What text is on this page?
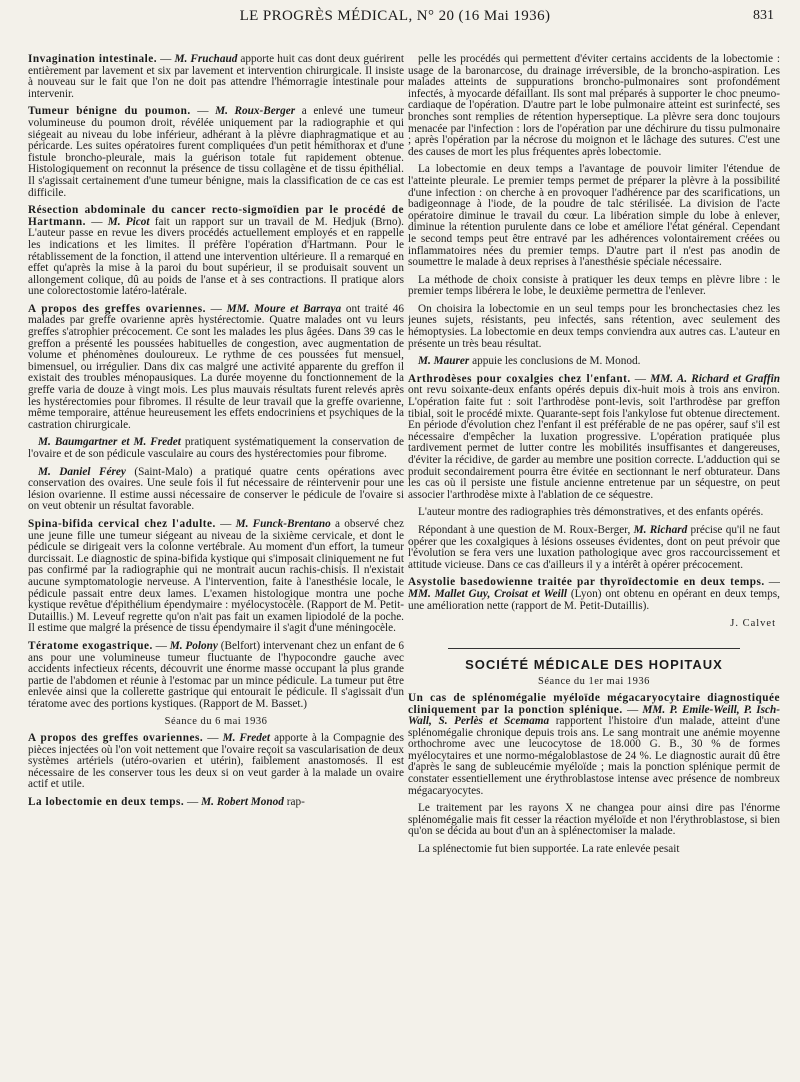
LE PROGRÈS MÉDICAL, N° 20 (16 Mai 1936)	831

Invagination intestinale. — M. Fruchaud apporte huit cas dont deux guérirent entièrement par lavement et six par lavement et intervention chirurgicale. Il insiste à nouveau sur le fait que l'on ne doit pas attendre l'hémorragie intestinale pour intervenir.

Tumeur bénigne du poumon. — M. Roux-Berger a enlevé une tumeur volumineuse du poumon droit, révélée uniquement par la radiographie et qui siégeait au niveau du lobe inférieur, adhérant à la plèvre diaphragmatique et au péricarde. Les suites opératoires furent compliquées d'un petit hémithorax et d'une fistule broncho-pleurale, mais la guérison totale fut rapidement obtenue. Histologiquement on reconnut la présence de tissu collagène et de tissu épithélial. Il s'agissait certainement d'une tumeur bénigne, mais la classification de ce cas est difficile.

Résection abdominale du cancer recto-sigmoïdien par le procédé de Hartmann. — M. Picot fait un rapport sur un travail de M. Hedjuk (Brno). L'auteur passe en revue les divers procédés actuellement employés et en rappelle les indications et les limites. Il préfère l'opération d'Hartmann. Pour le rétablissement de la fonction, il attend une intervention ultérieure. Il a remarqué en effet qu'après la mise à la paroi du bout supérieur, il se produisait souvent un allongement colique, dû au poids de l'anse et à ses contractions. Il pratique alors une colorectostomie latéro-latérale.

A propos des greffes ovariennes. — MM. Moure et Barraya ont traité 46 malades par greffe ovarienne après hystérectomie. Quatre malades ont vu leurs greffes s'atrophier précocement. Ce sont les malades les plus âgées. Dans 39 cas le greffon a présenté les poussées habituelles de congestion, avec augmentation de volume et phénomènes douloureux. Le rythme de ces poussées fut mensuel, bimensuel, ou irrégulier. Dans dix cas malgré une activité apparente du greffon il existait des troubles ménopausiques. La durée moyenne du fonctionnement de la greffe varia de douze à vingt mois. Les plus mauvais résultats furent relevés après les hystérectomies pour fibromes. Il résulte de leur travail que la greffe ovarienne, même temporaire, atténue heureusement les effets endocriniens et psychiques de la castration chirurgicale.

M. Baumgartner et M. Fredet pratiquent systématiquement la conservation de l'ovaire et de son pédicule vasculaire au cours des hystérectomies pour fibrome.

M. Daniel Férey (Saint-Malo) a pratiqué quatre cents opérations avec conservation des ovaires. Une seule fois il fut nécessaire de réintervenir pour une lésion ovarienne. Il estime aussi nécessaire de conserver le pédicule de l'ovaire si on veut obtenir un résultat favorable.

Spina-bifida cervical chez l'adulte. — M. Funck-Brentano a observé chez une jeune fille une tumeur siégeant au niveau de la sixième cervicale, et dont le pédicule se dirigeait vers la colonne vertébrale. Au moment d'un effort, la tumeur durcissait. Le diagnostic de spina-bifida kystique qui s'imposait cliniquement ne fut pas confirmé par la radiographie qui ne montrait aucun rachis-chisis. Il n'existait aucune symptomatologie nerveuse. A l'intervention, faite à l'anesthésie locale, le pédicule passait entre deux lames. L'examen histologique montra une poche kystique revêtue d'épithélium épendymaire : myélocystocèle. (Rapport de M. Petit-Dutaillis.) M. Leveuf regrette qu'on n'ait pas fait un examen lipiodolé de la poche. Il estime que malgré la présence de tissu épendymaire il s'agit d'une méningocèle.

Tératome exogastrique. — M. Polony (Belfort) intervenant chez un enfant de 6 ans pour une volumineuse tumeur fluctuante de l'hypocondre gauche avec accidents infectieux récents, découvrit une énorme masse occupant la plus grande partie de l'abdomen et réunie à l'estomac par un mince pédicule. La tumeur put être enlevée ainsi que la collerette gastrique qui entourait le pédicule. Il s'agissait d'un tératome avec des portions kystiques. (Rapport de M. Basset.)

Séance du 6 mai 1936

A propos des greffes ovariennes. — M. Fredet apporte à la Compagnie des pièces injectées où l'on voit nettement que l'ovaire reçoit sa vascularisation de deux systèmes artériels (utéro-ovarien et utérin), faiblement anastomosés. Il est nécessaire de les conserver tous les deux si on veut garder à la malade un ovaire actif et utile.

La lobectomie en deux temps. — M. Robert Monod rap-

pelle les procédés qui permettent d'éviter certains accidents de la lobectomie : usage de la baronarcose, du drainage irréversible, de la broncho-aspiration. Les malades atteints de suppurations broncho-pulmonaires sont profondément infectés, à myocarde défaillant. Ils sont mal préparés à supporter le choc pneumo-cardiaque de l'opération. D'autre part le lobe pulmonaire atteint est surinfecté, ses bronches sont remplies de rétention hyperseptique. La plèvre sera donc toujours menacée par l'infection : lors de l'opération par une déchirure du tissu pulmonaire ; après l'opération par la nécrose du moignon et le lâchage des sutures. C'est une des causes de mort les plus fréquentes après lobectomie.

La lobectomie en deux temps a l'avantage de pouvoir limiter l'étendue de l'atteinte pleurale. Le premier temps permet de préparer la plèvre à la possibilité d'une infection : on cherche à en provoquer l'adhérence par des scarifications, un badigeonnage à l'iode, de la poudre de talc stérilisée. La division de l'acte opératoire diminue le travail du cœur. La libération simple du lobe à enlever, diminue la rétention purulente dans ce lobe et améliore l'état général. Cependant le second temps peut être entravé par les adhérences volontairement créées ou inflammatoires nées du premier temps. D'autre part il n'est pas anodin de soumettre le malade à deux reprises à l'anesthésie spéciale nécessaire.

La méthode de choix consiste à pratiquer les deux temps en plèvre libre : le premier temps libérera le lobe, le deuxième permettra de l'enlever.

On choisira la lobectomie en un seul temps pour les bronchectasies chez les jeunes sujets, résistants, peu infectés, sans rétention, avec seulement des hémoptysies. La lobectomie en deux temps conviendra aux autres cas. L'auteur en présente un très beau résultat.

M. Maurer appuie les conclusions de M. Monod.

Arthrodèses pour coxalgies chez l'enfant. — MM. A. Richard et Graffin ont revu soixante-deux enfants opérés depuis dix-huit mois à trois ans environ. L'opération faite fut : soit l'arthrodèse pont-levis, soit l'arthrodèse par greffon tibial, soit le procédé mixte. Quarante-sept fois l'ankylose fut obtenue directement. En période d'évolution chez l'enfant il est préférable de ne pas opérer, sauf s'il est nécessaire d'empêcher la luxation progressive. L'opération pratiquée plus tardivement permet de lutter contre les mobilités insuffisantes et dangereuses, d'éviter la récidive, de garder au membre une position correcte. L'adduction qui se produit secondairement pourra être évitée en sectionnant le nerf obturateur. Dans les cas où il persiste une fistule ancienne entretenue par un séquestre, on peut associer l'arthrodèse mixte à l'ablation de ce séquestre.

L'auteur montre des radiographies très démonstratives, et des enfants opérés.

Répondant à une question de M. Roux-Berger, M. Richard précise qu'il ne faut opérer que les coxalgiques à lésions osseuses évidentes, dont on peut prévoir que l'évolution se fera vers une luxation pathologique avec gros raccourcissement et attitude vicieuse. Dans ce cas d'ailleurs il y a intérêt à opérer précocement.

Asystolie basedowienne traitée par thyroïdectomie en deux temps. — MM. Mallet Guy, Croisat et Weill (Lyon) ont obtenu en opérant en deux temps, une amélioration nette (rapport de M. Petit-Dutaillis).

J. Calvet

SOCIÉTÉ MÉDICALE DES HOPITAUX
Séance du 1er mai 1936

Un cas de splénomégalie myéloïde mégacaryocytaire diagnostiquée cliniquement par la ponction splénique. — MM. P. Emile-Weill, P. Isch-Wall, S. Perlès et Scemama rapportent l'histoire d'un malade, atteint d'une splénomégalie chronique depuis trois ans. Le sang montrait une anémie moyenne orthochrome avec une leucocytose de 18.000 G. B., 30 % de formes myélocytaires et une normo-mégaloblastose de 24 %. Le diagnostic aurait dû être d'après le sang de subleucémie myéloïde ; mais la ponction splénique permit de constater essentiellement une érythroblastose intense avec présence de nombreux mégacaryocytes.

Le traitement par les rayons X ne changea pour ainsi dire pas l'énorme splénomégalie mais fit cesser la réaction myéloïde et non l'érythroblastose, si bien qu'on se décida au bout d'un an à splénectomiser la malade.

La splénectomie fut bien supportée. La rate enlevée pesait
